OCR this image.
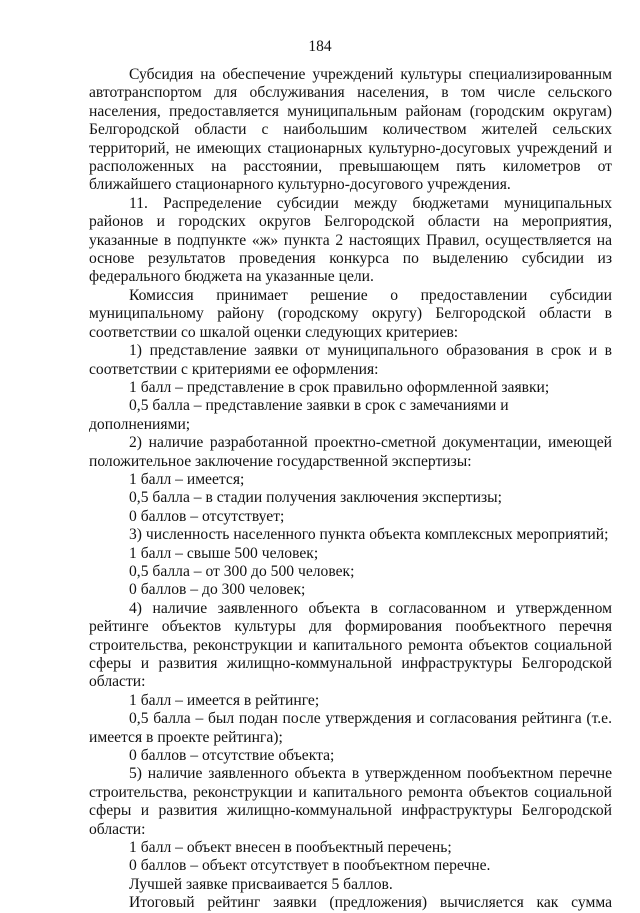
184

Субсидия на обеспечение учреждений культуры специализированным автотранспортом для обслуживания населения, в том числе сельского населения, предоставляется муниципальным районам (городским округам) Белгородской области с наибольшим количеством жителей сельских территорий, не имеющих стационарных культурно-досуговых учреждений и расположенных на расстоянии, превышающем пять километров от ближайшего стационарного культурно-досугового учреждения.

11. Распределение субсидии между бюджетами муниципальных районов и городских округов Белгородской области на мероприятия, указанные в подпункте «ж» пункта 2 настоящих Правил, осуществляется на основе результатов проведения конкурса по выделению субсидии из федерального бюджета на указанные цели.

Комиссия принимает решение о предоставлении субсидии муниципальному району (городскому округу) Белгородской области в соответствии со шкалой оценки следующих критериев:

1) представление заявки от муниципального образования в срок и в соответствии с критериями ее оформления:

1 балл – представление в срок правильно оформленной заявки;

0,5 балла – представление заявки в срок с замечаниями и дополнениями;

2) наличие разработанной проектно-сметной документации, имеющей положительное заключение государственной экспертизы:

1 балл – имеется;

0,5 балла – в стадии получения заключения экспертизы;

0 баллов – отсутствует;

3) численность населенного пункта объекта комплексных мероприятий;

1 балл – свыше 500 человек;

0,5 балла – от 300 до 500 человек;

0 баллов – до 300 человек;

4) наличие заявленного объекта в согласованном и утвержденном рейтинге объектов культуры для формирования пообъектного перечня строительства, реконструкции и капитального ремонта объектов социальной сферы и развития жилищно-коммунальной инфраструктуры Белгородской области:

1 балл – имеется в рейтинге;

0,5 балла – был подан после утверждения и согласования рейтинга (т.е. имеется в проекте рейтинга);

0 баллов – отсутствие объекта;

5) наличие заявленного объекта в утвержденном пообъектном перечне строительства, реконструкции и капитального ремонта объектов социальной сферы и развития жилищно-коммунальной инфраструктуры Белгородской области:

1 балл – объект внесен в пообъектный перечень;

0 баллов – объект отсутствует в пообъектном перечне.

Лучшей заявке присваивается 5 баллов.

Итоговый рейтинг заявки (предложения) вычисляется как сумма
